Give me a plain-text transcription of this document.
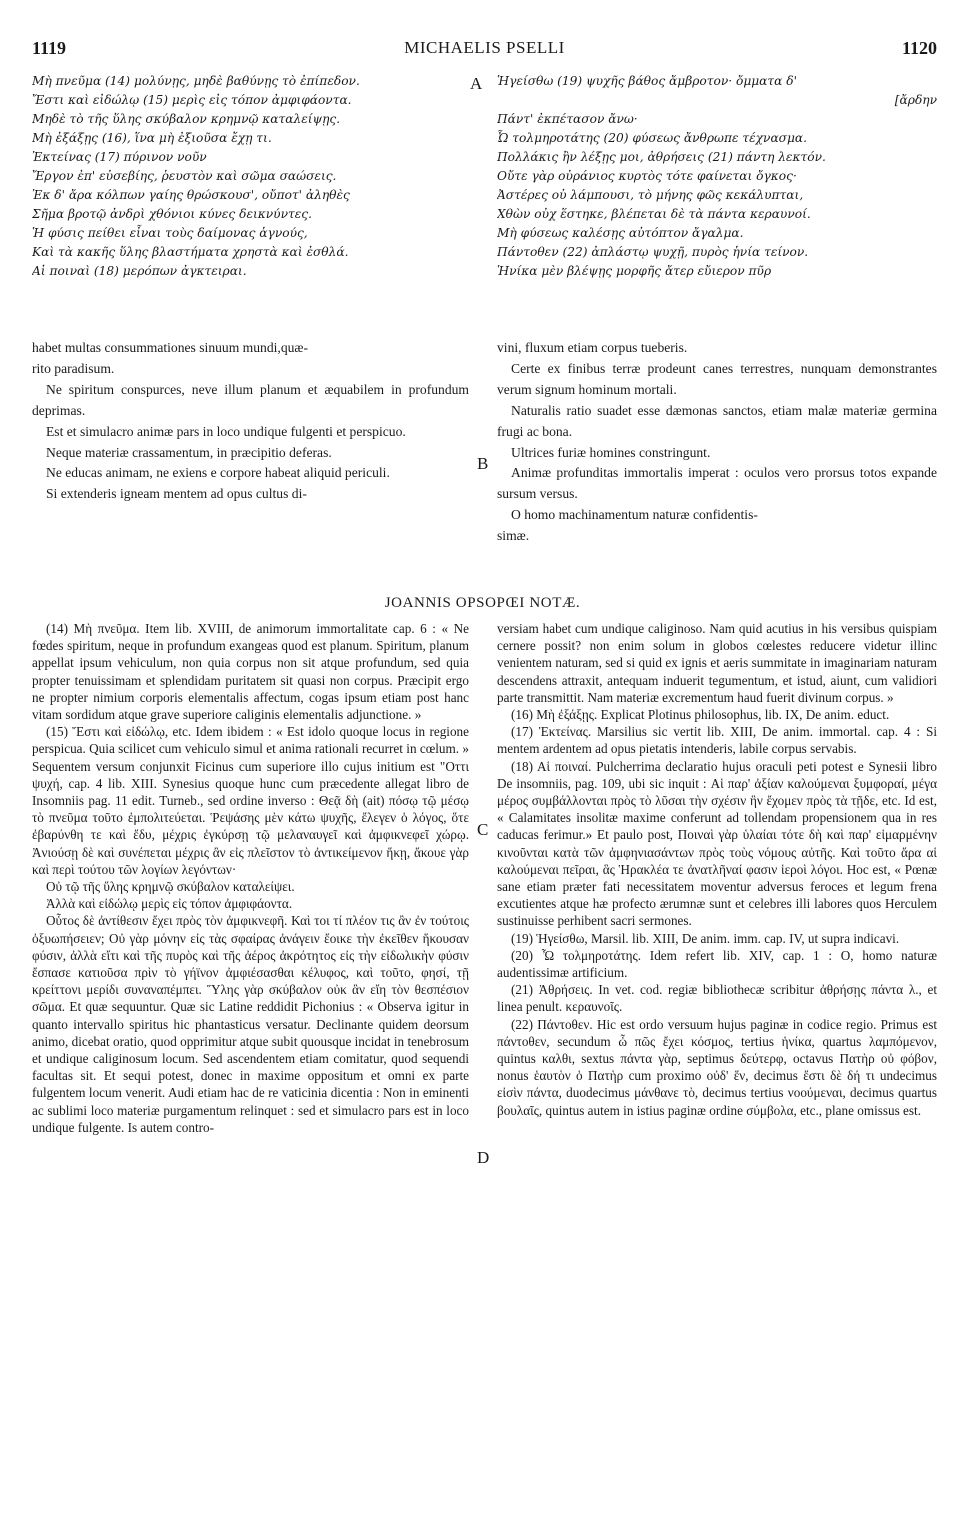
1119	MICHAELIS PSELLI	1120
Μὴ πνεῦμα (14) μολύνῃς, μηδὲ βαθύνῃς τὸ ἐπίπεδον.
Ἔστι καὶ εἰδώλῳ (15) μερὶς εἰς τόπον ἀμφιφάοντα.
Μηδὲ τὸ τῆς ὕλης σκύβαλον κρημνῷ καταλείψῃς.
Μὴ ἐξάξῃς (16), ἵνα μὴ ἐξιοῦσα ἔχῃ τι.
Ἐκτείνας (17) πύρινον νοῦν
Ἔργον ἐπ' εὐσεβίης, ῥευστὸν καὶ σῶμα σαώσεις.
Ἐκ δ' ἄρα κόλπων γαίης θρώσκουσ', οὔποτ' ἀληθὲς
Σῆμα βροτῷ ἀνδρὶ χθόνιοι κύνες δεικνύντες.
Ἡ φύσις πείθει εἶναι τοὺς δαίμονας ἁγνούς,
Καὶ τὰ κακῆς ὕλης βλαστήματα χρηστὰ καὶ ἐσθλά.
Αἱ ποιναὶ (18) μερόπων ἀγκτειραι.
Ἡγείσθω (19) ψυχῆς βάθος ἄμβροτον· ὄμματα δ'
[ἄρδην
Πάντ' ἐκπέτασον ἄνω·
Ὦ τολμηροτάτης (20) φύσεως ἄνθρωπε τέχνασμα.
Πολλάκις ἢν λέξῃς μοι, ἀθρήσεις (21) πάντη λεκτόν.
Οὔτε γὰρ οὐράνιος κυρτὸς τότε φαίνεται ὄγκος·
Ἀστέρες οὐ λάμπουσι, τὸ μήνης φῶς κεκάλυπται,
Χθὼν οὐχ ἕστηκε, βλέπεται δὲ τὰ πάντα κεραυνοί.
Μὴ φύσεως καλέσῃς αὐτόπτον ἄγαλμα.
Πάντοθεν (22) ἀπλάστῳ ψυχῇ, πυρὸς ἡνία τείνον.
Ἡνίκα μὲν βλέψῃς μορφῆς ἄτερ εὔιερον πῦρ
A
B
C
D

habet multas consummationes sinuum mundi,quæ-

rito paradisum.

Ne spiritum conspurces, neve illum planum et æquabilem in profundum deprimas.

Est et simulacro animæ pars in loco undique fulgenti et perspicuo.

Neque materiæ crassamentum, in præcipitio deferas.

Ne educas animam, ne exiens e corpore habeat aliquid periculi.

Si extenderis igneam mentem ad opus cultus di-

vini, fluxum etiam corpus tueberis.

Certe ex finibus terræ prodeunt canes terrestres, nunquam demonstrantes verum signum hominum mortali.

Naturalis ratio suadet esse dæmonas sanctos, etiam malæ materiæ germina frugi ac bona.

Ultrices furiæ homines constringunt.

Animæ profunditas immortalis imperat : oculos vero prorsus totos expande sursum versus.

O homo machinamentum naturæ confidentis-

simæ.

JOANNIS OPSOPŒI NOTÆ.

(14) Μὴ πνεῦμα. Item lib. XVIII, de animorum immortalitate cap. 6 : « Ne fœdes spiritum, neque in profundum exangeas quod est planum. Spiritum, planum appellat ipsum vehiculum, non quia corpus non sit atque profundum, sed quia propter tenuissimam et splendidam puritatem sit quasi non corpus. Præcipit ergo ne propter nimium corporis elementalis affectum, cogas ipsum etiam post hanc vitam sordidum atque grave superiore caliginis elementalis adjunctione. »

(15) Ἔστι καὶ εἰδώλῳ, etc. Idem ibidem : « Est idolo quoque locus in regione perspicua. Quia scilicet cum vehiculo simul et anima rationali recurret in cœlum. » Sequentem versum conjunxit Ficinus cum superiore illo cujus initium est "Οττι ψυχή, cap. 4 lib. XIII. Synesius quoque hunc cum præcedente allegat libro de Insomniis pag. 11 edit. Turneb., sed ordine inverso : Θεᾷ δὴ (ait) πόσῳ τῷ μέσῳ τὸ πνεῦμα τοῦτο ἐμπολιτεύεται. Ῥεψάσης μὲν κάτω ψυχῆς, ἔλεγεν ὁ λόγος, ὅτε ἐβαρύνθη τε καὶ ἔδυ, μέχρις ἐγκύρσῃ τῷ μελαναυγεῖ καὶ ἀμφικνεφεῖ χώρῳ. Ἀνιούσῃ δὲ καὶ συνέπεται μέχρις ἂν εἰς πλεῖστον τὸ ἀντικείμενον ἥκῃ, ἄκουε γὰρ καὶ περὶ τούτου τῶν λογίων λεγόντων·

Οὐ τῷ τῆς ὕλης κρημνῷ σκύβαλον καταλείψει.

Ἀλλὰ καὶ εἰδώλῳ μερὶς εἰς τόπον ἀμφιφάοντα.

Οὗτος δὲ ἀντίθεσιν ἔχει πρὸς τὸν ἀμφικνεφῆ. Καὶ τοι τί πλέον τις ἂν ἐν τούτοις ὀξυωπήσειεν; Οὐ γὰρ μόνην εἰς τὰς σφαίρας ἀνάγειν ἔοικε τὴν ἐκεῖθεν ἥκουσαν φύσιν, ἀλλὰ εἴτι καὶ τῆς πυρὸς καὶ τῆς ἀέρος ἀκρότητος εἰς τὴν εἰδωλικὴν φύσιν ἔσπασε κατιοῦσα πρὶν τὸ γήϊνον ἀμφιέσασθαι κέλυφος, καὶ τοῦτο, φησί, τῇ κρείττονι μερίδι συναναπέμπει. Ὕλης γὰρ σκύβαλον οὐκ ἂν εἴη τὸν θεσπέσιον σῶμα. Et quæ sequuntur. Quæ sic Latine reddidit Pichonius : « Observa igitur in quanto intervallo spiritus hic phantasticus versatur. Declinante quidem deorsum animo, dicebat oratio, quod opprimitur atque subit quousque incidat in tenebrosum et undique caliginosum locum. Sed ascendentem etiam comitatur, quod sequendi facultas sit. Et sequi potest, donec in maxime oppositum et omni ex parte fulgentem locum venerit. Audi etiam hac de re vaticinia dicentia : Non in eminenti ac sublimi loco materiæ purgamentum relinquet : sed et simulacro pars est in loco undique fulgente. Is autem contro-

versiam habet cum undique caliginoso. Nam quid acutius in his versibus quispiam cernere possit? non enim solum in globos cœlestes reducere videtur illinc venientem naturam, sed si quid ex ignis et aeris summitate in imaginariam naturam descendens attraxit, antequam induerit tegumentum, et istud, aiunt, cum validiori parte transmittit. Nam materiæ excrementum haud fuerit divinum corpus. »

(16) Μὴ ἐξάξῃς. Explicat Plotinus philosophus, lib. IX, De anim. educt.

(17) Ἐκτείνας. Marsilius sic vertit lib. XIII, De anim. immortal. cap. 4 : Si mentem ardentem ad opus pietatis intenderis, labile corpus servabis.

(18) Αἱ ποιναί. Pulcherrima declaratio hujus oraculi peti potest e Synesii libro De insomniis, pag. 109, ubi sic inquit : Αἱ παρ' ἀξίαν καλούμεναι ξυμφοραί, μέγα μέρος συμβάλλονται πρὸς τὸ λῦσαι τὴν σχέσιν ἣν ἔχομεν πρὸς τὰ τῇδε, etc. Id est, « Calamitates insolitæ maxime conferunt ad tollendam propensionem qua in res caducas ferimur.» Et paulo post, Ποιναὶ γὰρ ὑλαίαι τότε δὴ καὶ παρ' εἱμαρμένην κινοῦνται κατὰ τῶν ἀμφηνιασάντων πρὸς τοὺς νόμους αὐτῆς. Καὶ τοῦτο ἄρα αἱ καλούμεναι πεῖραι, ἃς Ἡρακλέα τε ἀνατλῆναί φασιν ἱεροὶ λόγοι. Hoc est, « Pœnæ sane etiam præter fati necessitatem moventur adversus feroces et legum frena excutientes atque hæ profecto ærumnæ sunt et celebres illi labores quos Herculem sustinuisse perhibent sacri sermones.

(19) Ἡγείσθω, Marsil. lib. XIII, De anim. imm. cap. IV, ut supra indicavi.

(20) Ὦ τολμηροτάτης. Idem refert lib. XIV, cap. 1 : O, homo naturæ audentissimæ artificium.

(21) Ἀθρήσεις. In vet. cod. regiæ bibliothecæ scribitur ἀθρήσῃς πάντα λ., et linea penult. κεραυνοῖς.

(22) Πάντοθεν. Hic est ordo versuum hujus paginæ in codice regio. Primus est πάντοθεν, secundum ὦ πῶς ἔχει κόσμος, tertius ἡνίκα, quartus λαμπόμενον, quintus καλθι, sextus πάντα γὰρ, septimus δεύτερφ, octavus Πατὴρ οὐ φόβον, nonus ἑαυτὸν ὁ Πατὴρ cum proximo οὐδ' ἕν, decimus ἔστι δὲ δή τι undecimus εἰσὶν πάντα, duodecimus μάνθανε τὸ, decimus tertius νοούμεναι, decimus quartus βουλαῖς, quintus autem in istius paginæ ordine σύμβολα, etc., plane omissus est.
